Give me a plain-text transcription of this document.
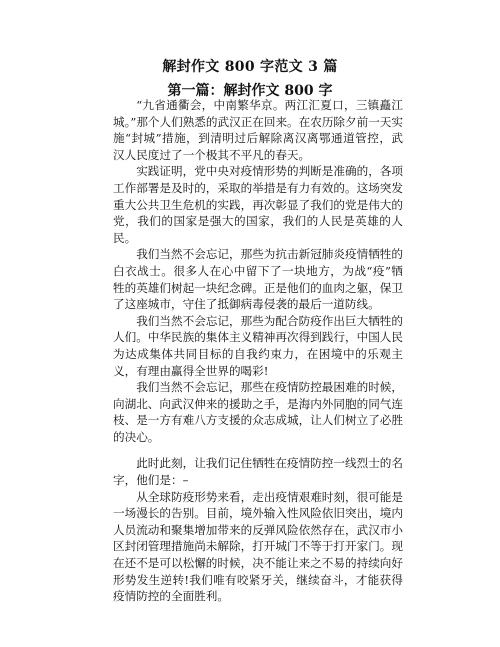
解封作文 800 字范文 3 篇
第一篇：解封作文 800 字

“九省通衢会，中南繁华京。两江汇夏口，三镇矗江城。”那个人们熟悉的武汉正在回来。在农历除夕前一天实施“封城”措施，到清明过后解除离汉离鄂通道管控，武汉人民度过了一个极其不平凡的春天。

实践证明，党中央对疫情形势的判断是准确的，各项工作部署是及时的，采取的举措是有力有效的。这场突发重大公共卫生危机的实践，再次彰显了我们的党是伟大的党，我们的国家是强大的国家，我们的人民是英雄的人民。

我们当然不会忘记，那些为抗击新冠肺炎疫情牺牲的白衣战士。很多人在心中留下了一块地方，为战“疫”牺牲的英雄们树起一块纪念碑。正是他们的血肉之躯，保卫了这座城市，守住了抵御病毒侵袭的最后一道防线。

我们当然不会忘记，那些为配合防疫作出巨大牺牲的人们。中华民族的集体主义精神再次得到践行，中国人民为达成集体共同目标的自我约束力，在困境中的乐观主义，有理由赢得全世界的喝彩!

我们当然不会忘记，那些在疫情防控最困难的时候，向湖北、向武汉伸来的援助之手，是海内外同胞的同气连枝、是一方有难八方支援的众志成城，让人们树立了必胜的决心。

此时此刻，让我们记住牺牲在疫情防控一线烈士的名字，他们是：–

从全球防疫形势来看，走出疫情艰难时刻，很可能是一场漫长的告别。目前，境外输入性风险依旧突出，境内人员流动和聚集增加带来的反弹风险依然存在，武汉市小区封闭管理措施尚未解除，打开城门不等于打开家门。现在还不是可以松懈的时候，决不能让来之不易的持续向好形势发生逆转!我们唯有咬紧牙关，继续奋斗，才能获得疫情防控的全面胜利。
